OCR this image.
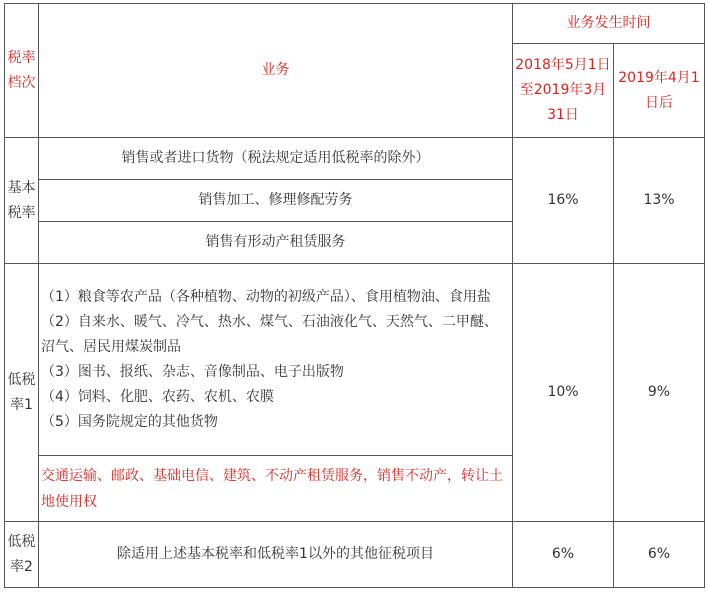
税率档次	业务	业务发生时间	
		2018年5月1日至2019年3月31日	2019年4月1日后
基本税率	销售或者进口货物（税法规定适用低税率的除外）	16%	13%
	销售加工、修理修配劳务		
	销售有形动产租赁服务		
低税率1	（1）粮食等农产品（各种植物、动物的初级产品）、食用植物油、食用盐
（2）自来水、暖气、冷气、热水、煤气、石油液化气、天然气、二甲醚、沼气、居民用煤炭制品
（3）图书、报纸、杂志、音像制品、电子出版物
（4）饲料、化肥、农药、农机、农膜
（5）国务院规定的其他货物	10%	9%
	交通运输、邮政、基础电信、建筑、不动产租赁服务，销售不动产，转让土地使用权		
低税率2	除适用上述基本税率和低税率1以外的其他征税项目	6%	6%
